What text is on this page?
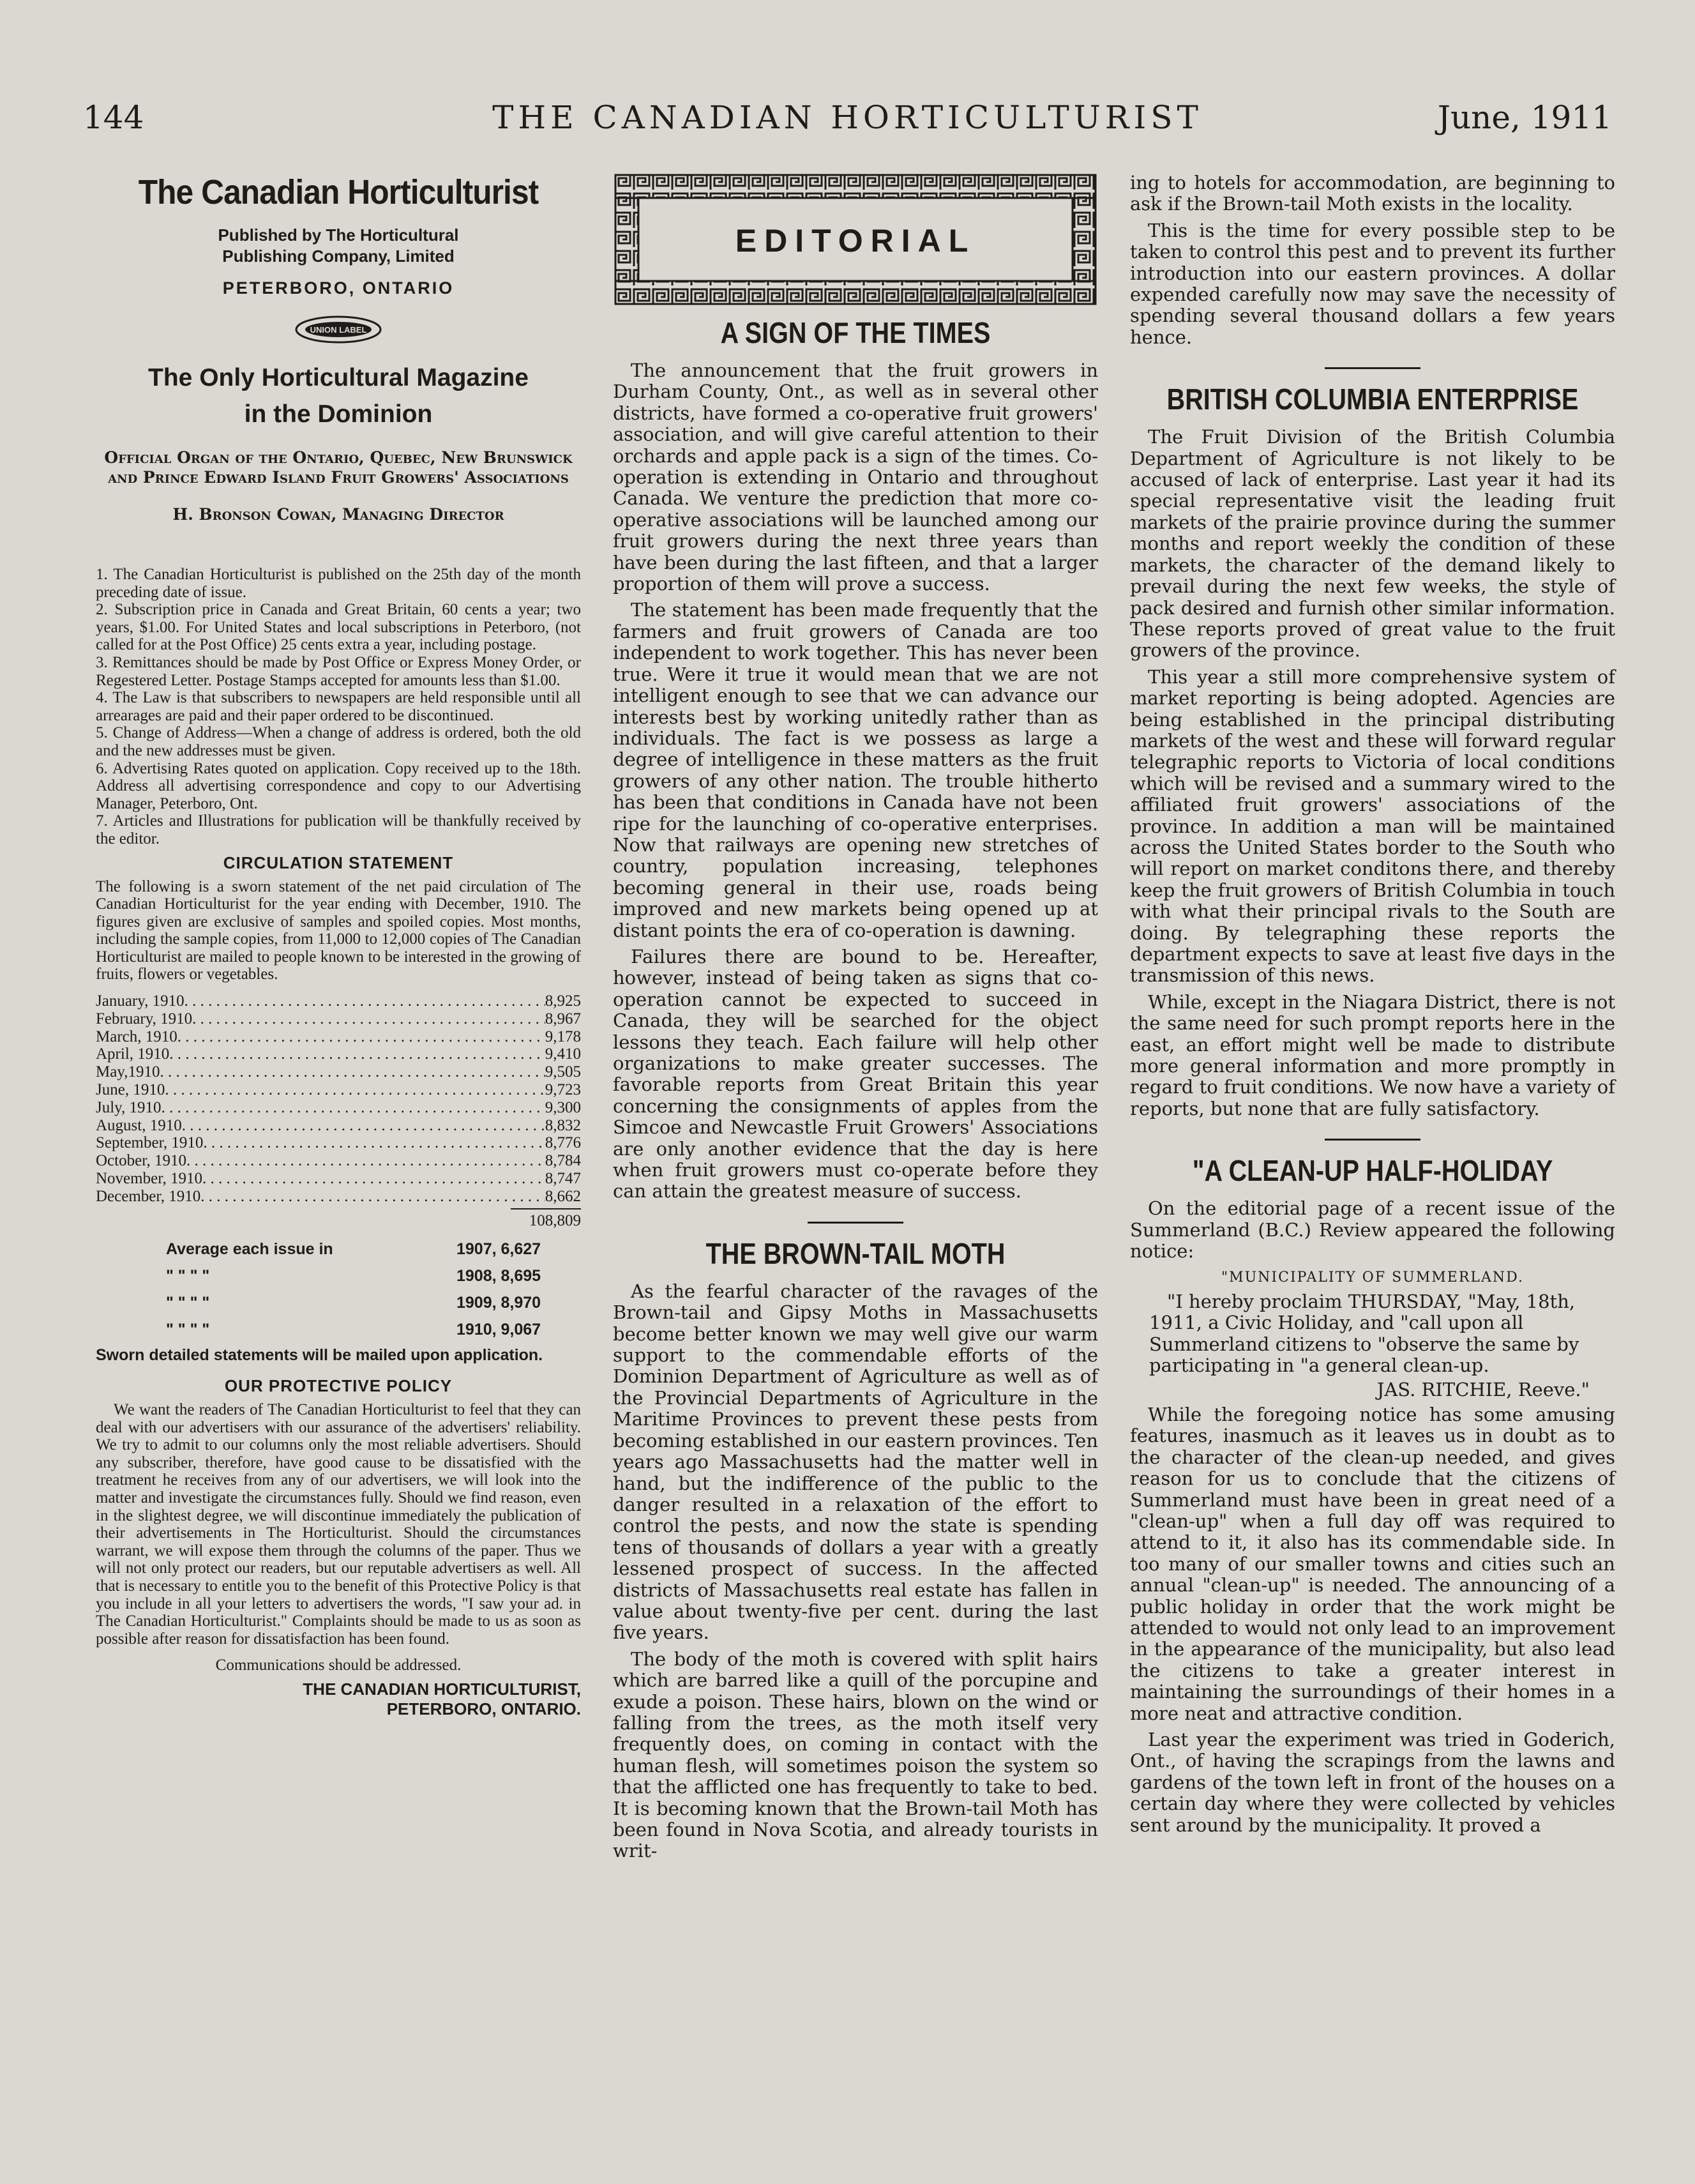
144	THE CANADIAN HORTICULTURIST	June, 1911
The Canadian Horticulturist

Published by The Horticultural

Publishing Company, Limited

PETERBORO, ONTARIO
UNION LABEL
The Only Horticultural Magazine
in the Dominion

Official Organ of the Ontario, Quebec, New Brunswick and Prince Edward Island Fruit Growers' Associations

H. Bronson Cowan, Managing Director

1. The Canadian Horticulturist is published on the 25th day of the month preceding date of issue.

2. Subscription price in Canada and Great Britain, 60 cents a year; two years, $1.00. For United States and local subscriptions in Peterboro, (not called for at the Post Office) 25 cents extra a year, including postage.

3. Remittances should be made by Post Office or Express Money Order, or Regestered Letter. Postage Stamps accepted for amounts less than $1.00.

4. The Law is that subscribers to newspapers are held responsible until all arrearages are paid and their paper ordered to be discontinued.

5. Change of Address—When a change of address is ordered, both the old and the new addresses must be given.

6. Advertising Rates quoted on application. Copy received up to the 18th. Address all advertising correspondence and copy to our Advertising Manager, Peterboro, Ont.

7. Articles and Illustrations for publication will be thankfully received by the editor.

CIRCULATION STATEMENT

The following is a sworn statement of the net paid circulation of The Canadian Horticulturist for the year ending with December, 1910. The figures given are exclusive of samples and spoiled copies. Most months, including the sample copies, from 11,000 to 12,000 copies of The Canadian Horticulturist are mailed to people known to be interested in the growing of fruits, flowers or vegetables.

January, 1910 . . .	8,925
February, 1910 . . .	8,967
March, 1910 . . .	9,178
April, 1910 . . .	9,410
May,1910 . . .	9,505
June, 1910 . . .	9,723
July, 1910 . . .	9,300
August, 1910 . . .	8,832
September, 1910 . . .	8,776
October, 1910 . . .	8,784
November, 1910 . . .	8,747
December, 1910 . . .	8,662
108,809
Average each issue in	1907, 6,627
" " " "	1908, 8,695
" " " "	1909, 8,970
" " " "	1910, 9,067

Sworn detailed statements will be mailed upon application.

OUR PROTECTIVE POLICY

We want the readers of The Canadian Horticulturist to feel that they can deal with our advertisers with our assurance of the advertisers' reliability. We try to admit to our columns only the most reliable advertisers. Should any subscriber, therefore, have good cause to be dissatisfied with the treatment he receives from any of our advertisers, we will look into the matter and investigate the circumstances fully. Should we find reason, even in the slightest degree, we will discontinue immediately the publication of their advertisements in The Horticulturist. Should the circumstances warrant, we will expose them through the columns of the paper. Thus we will not only protect our readers, but our reputable advertisers as well. All that is necessary to entitle you to the benefit of this Protective Policy is that you include in all your letters to advertisers the words, "I saw your ad. in The Canadian Horticulturist." Complaints should be made to us as soon as possible after reason for dissatisfaction has been found.

Communications should be addressed.

THE CANADIAN HORTICULTURIST,

PETERBORO, ONTARIO.

EDITORIAL
A SIGN OF THE TIMES

The announcement that the fruit growers in Durham County, Ont., as well as in several other districts, have formed a co-operative fruit growers' association, and will give careful attention to their orchards and apple pack is a sign of the times. Co-operation is extending in Ontario and throughout Canada. We venture the prediction that more co-operative associations will be launched among our fruit growers during the next three years than have been during the last fifteen, and that a larger proportion of them will prove a success.

The statement has been made frequently that the farmers and fruit growers of Canada are too independent to work together. This has never been true. Were it true it would mean that we are not intelligent enough to see that we can advance our interests best by working unitedly rather than as individuals. The fact is we possess as large a degree of intelligence in these matters as the fruit growers of any other nation. The trouble hitherto has been that conditions in Canada have not been ripe for the launching of co-operative enterprises. Now that railways are opening new stretches of country, population increasing, telephones becoming general in their use, roads being improved and new markets being opened up at distant points the era of co-operation is dawning.

Failures there are bound to be. Hereafter, however, instead of being taken as signs that co-operation cannot be expected to succeed in Canada, they will be searched for the object lessons they teach. Each failure will help other organizations to make greater successes. The favorable reports from Great Britain this year concerning the consignments of apples from the Simcoe and Newcastle Fruit Growers' Associations are only another evidence that the day is here when fruit growers must co-operate before they can attain the greatest measure of success.

THE BROWN-TAIL MOTH

As the fearful character of the ravages of the Brown-tail and Gipsy Moths in Massachusetts become better known we may well give our warm support to the commendable efforts of the Dominion Department of Agriculture as well as of the Provincial Departments of Agriculture in the Maritime Provinces to prevent these pests from becoming established in our eastern provinces. Ten years ago Massachusetts had the matter well in hand, but the indifference of the public to the danger resulted in a relaxation of the effort to control the pests, and now the state is spending tens of thousands of dollars a year with a greatly lessened prospect of success. In the affected districts of Massachusetts real estate has fallen in value about twenty-five per cent. during the last five years.

The body of the moth is covered with split hairs which are barred like a quill of the porcupine and exude a poison. These hairs, blown on the wind or falling from the trees, as the moth itself very frequently does, on coming in contact with the human flesh, will sometimes poison the system so that the afflicted one has frequently to take to bed. It is becoming known that the Brown-tail Moth has been found in Nova Scotia, and already tourists in writ-

ing to hotels for accommodation, are beginning to ask if the Brown-tail Moth exists in the locality.

This is the time for every possible step to be taken to control this pest and to prevent its further introduction into our eastern provinces. A dollar expended carefully now may save the necessity of spending several thousand dollars a few years hence.

BRITISH COLUMBIA ENTERPRISE

The Fruit Division of the British Columbia Department of Agriculture is not likely to be accused of lack of enterprise. Last year it had its special representative visit the leading fruit markets of the prairie province during the summer months and report weekly the condition of these markets, the character of the demand likely to prevail during the next few weeks, the style of pack desired and furnish other similar information. These reports proved of great value to the fruit growers of the province.

This year a still more comprehensive system of market reporting is being adopted. Agencies are being established in the principal distributing markets of the west and these will forward regular telegraphic reports to Victoria of local conditions which will be revised and a summary wired to the affiliated fruit growers' associations of the province. In addition a man will be maintained across the United States border to the South who will report on market conditons there, and thereby keep the fruit growers of British Columbia in touch with what their principal rivals to the South are doing. By telegraphing these reports the department expects to save at least five days in the transmission of this news.

While, except in the Niagara District, there is not the same need for such prompt reports here in the east, an effort might well be made to distribute more general information and more promptly in regard to fruit conditions. We now have a variety of reports, but none that are fully satisfactory.

"A CLEAN-UP HALF-HOLIDAY

On the editorial page of a recent issue of the Summerland (B.C.) Review appeared the following notice:

"MUNICIPALITY OF SUMMERLAND.

"I hereby proclaim THURSDAY, "May, 18th, 1911, a Civic Holiday, and "call upon all Summerland citizens to "observe the same by participating in "a general clean-up.

JAS. RITCHIE, Reeve."

While the foregoing notice has some amusing features, inasmuch as it leaves us in doubt as to the character of the clean-up needed, and gives reason for us to conclude that the citizens of Summerland must have been in great need of a "clean-up" when a full day off was required to attend to it, it also has its commendable side. In too many of our smaller towns and cities such an annual "clean-up" is needed. The announcing of a public holiday in order that the work might be attended to would not only lead to an improvement in the appearance of the municipality, but also lead the citizens to take a greater interest in maintaining the surroundings of their homes in a more neat and attractive condition.

Last year the experiment was tried in Goderich, Ont., of having the scrapings from the lawns and gardens of the town left in front of the houses on a certain day where they were collected by vehicles sent around by the municipality. It proved a
